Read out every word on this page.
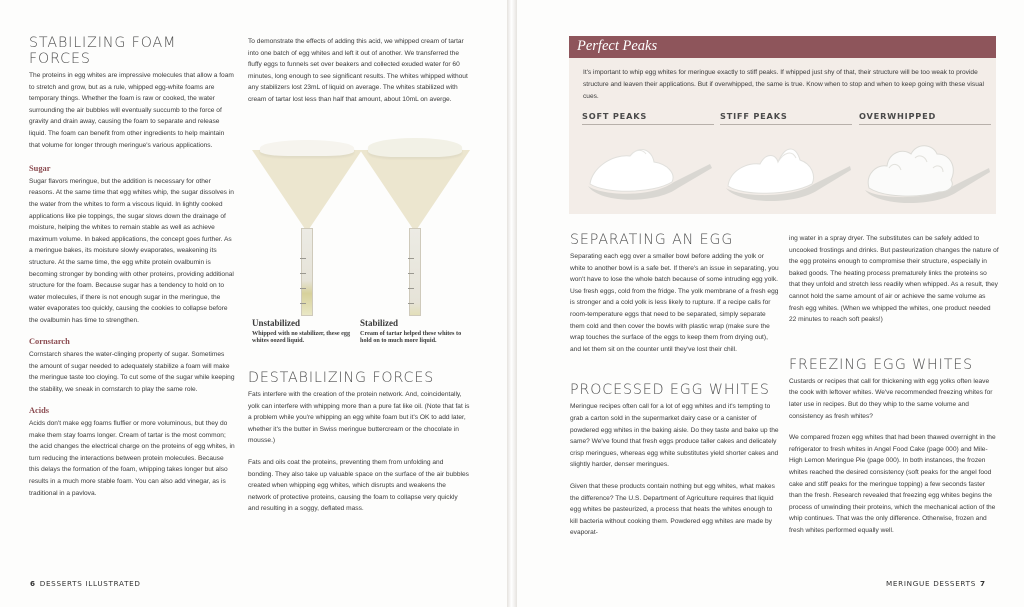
STABILIZING FOAM FORCES

The proteins in egg whites are impressive molecules that allow a foam to stretch and grow, but as a rule, whipped egg-white foams are temporary things. Whether the foam is raw or cooked, the water surrounding the air bubbles will eventually succumb to the force of gravity and drain away, causing the foam to separate and release liquid. The foam can benefit from other ingredients to help maintain that volume for longer through meringue's various applications.

Sugar

Sugar flavors meringue, but the addition is necessary for other reasons. At the same time that egg whites whip, the sugar dissolves in the water from the whites to form a viscous liquid. In lightly cooked applications like pie toppings, the sugar slows down the drainage of moisture, helping the whites to remain stable as well as achieve maximum volume. In baked applications, the concept goes further. As a meringue bakes, its moisture slowly evaporates, weakening its structure. At the same time, the egg white protein ovalbumin is becoming stronger by bonding with other proteins, providing additional structure for the foam. Because sugar has a tendency to hold on to water molecules, if there is not enough sugar in the meringue, the water evaporates too quickly, causing the cookies to collapse before the ovalbumin has time to strengthen.

Cornstarch

Cornstarch shares the water-clinging property of sugar. Sometimes the amount of sugar needed to adequately stabilize a foam will make the meringue taste too cloying. To cut some of the sugar while keeping the stability, we sneak in cornstarch to play the same role.

Acids

Acids don't make egg foams fluffier or more voluminous, but they do make them stay foams longer. Cream of tartar is the most common; the acid changes the electrical charge on the proteins of egg whites, in turn reducing the interactions between protein molecules. Because this delays the formation of the foam, whipping takes longer but also results in a much more stable foam. You can also add vinegar, as is traditional in a pavlova.

To demonstrate the effects of adding this acid, we whipped cream of tartar into one batch of egg whites and left it out of another. We transferred the fluffy eggs to funnels set over beakers and collected exuded water for 60 minutes, long enough to see significant results. The whites whipped without any stabilizers lost 23mL of liquid on average. The whites stabilized with cream of tartar lost less than half that amount, about 10mL on averge.

Unstabilized
Whipped with no stabilizer, these egg whites oozed liquid.
Stabilized
Cream of tartar helped these whites to hold on to much more liquid.
DESTABILIZING FORCES

Fats interfere with the creation of the protein network. And, coincidentally, yolk can interfere with whipping more than a pure fat like oil. (Note that fat is a problem while you're whipping an egg white foam but it's OK to add later, whether it's the butter in Swiss meringue buttercream or the chocolate in mousse.)

Fats and oils coat the proteins, preventing them from unfolding and bonding. They also take up valuable space on the surface of the air bubbles created when whipping egg whites, which disrupts and weakens the network of protective proteins, causing the foam to collapse very quickly and resulting in a soggy, deflated mass.

6 DESSERTS ILLUSTRATED
Perfect Peaks
It's important to whip egg whites for meringue exactly to stiff peaks. If whipped just shy of that, their structure will be too weak to provide structure and leaven their applications. But if overwhipped, the same is true. Know when to stop and when to keep going with these visual cues.
SOFT PEAKS	STIFF PEAKS	OVERWHIPPED
SEPARATING AN EGG

Separating each egg over a smaller bowl before adding the yolk or white to another bowl is a safe bet. If there's an issue in separating, you won't have to lose the whole batch because of some intruding egg yolk. Use fresh eggs, cold from the fridge. The yolk membrane of a fresh egg is stronger and a cold yolk is less likely to rupture. If a recipe calls for room-temperature eggs that need to be separated, simply separate them cold and then cover the bowls with plastic wrap (make sure the wrap touches the surface of the eggs to keep them from drying out), and let them sit on the counter until they've lost their chill.

PROCESSED EGG WHITES

Meringue recipes often call for a lot of egg whites and it's tempting to grab a carton sold in the supermarket dairy case or a canister of powdered egg whites in the baking aisle. Do they taste and bake up the same? We've found that fresh eggs produce taller cakes and delicately crisp meringues, whereas egg white substitutes yield shorter cakes and slightly harder, denser meringues.

Given that these products contain nothing but egg whites, what makes the difference? The U.S. Department of Agriculture requires that liquid egg whites be pasteurized, a process that heats the whites enough to kill bacteria without cooking them. Powdered egg whites are made by evaporat-

ing water in a spray dryer. The substitutes can be safely added to uncooked frostings and drinks. But pasteurization changes the nature of the egg proteins enough to compromise their structure, especially in baked goods. The heating process prematurely links the proteins so that they unfold and stretch less readily when whipped. As a result, they cannot hold the same amount of air or achieve the same volume as fresh egg whites. (When we whipped the whites, one product needed 22 minutes to reach soft peaks!)

FREEZING EGG WHITES

Custards or recipes that call for thickening with egg yolks often leave the cook with leftover whites. We've recommended freezing whites for later use in recipes. But do they whip to the same volume and consistency as fresh whites?

We compared frozen egg whites that had been thawed overnight in the refrigerator to fresh whites in Angel Food Cake (page 000) and Mile-High Lemon Meringue Pie (page 000). In both instances, the frozen whites reached the desired consistency (soft peaks for the angel food cake and stiff peaks for the meringue topping) a few seconds faster than the fresh. Research revealed that freezing egg whites begins the process of unwinding their proteins, which the mechanical action of the whip continues. That was the only difference. Otherwise, frozen and fresh whites performed equally well.

MERINGUE DESSERTS 7
